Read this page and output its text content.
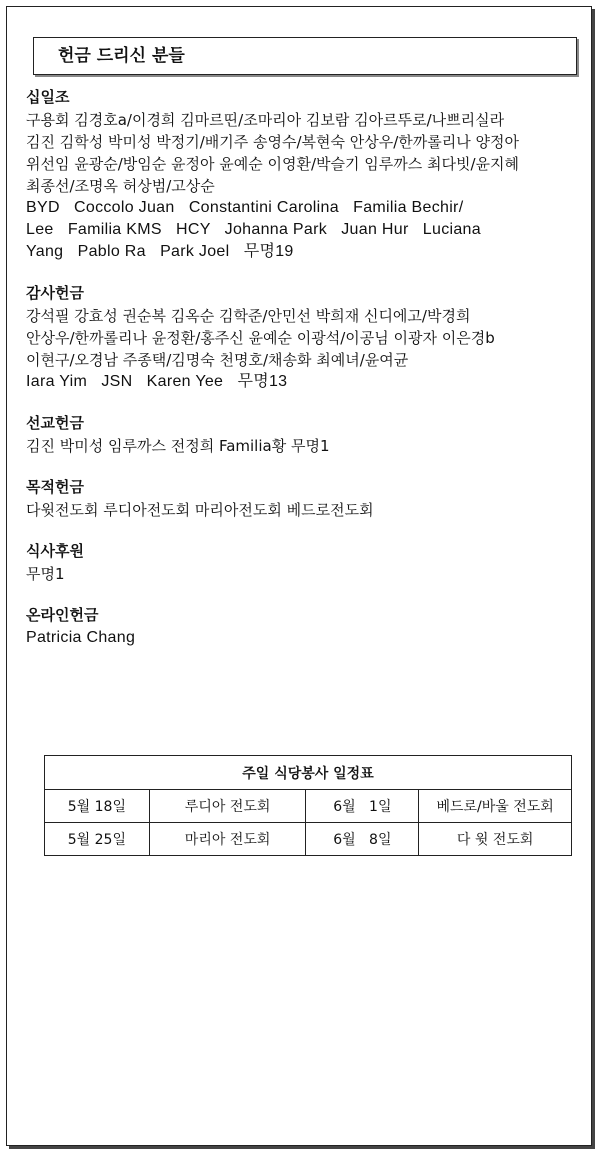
헌금 드리신 분들
십일조
구용회 김경호a/이경희 김마르띤/조마리아 김보람 김아르뚜로/나쁘리실라
김진 김학성 박미성 박정기/배기주 송영수/복현숙 안상우/한까롤리나 양정아
위선임 윤광순/방임순 윤정아 윤예순 이영환/박슬기 임루까스 최다빗/윤지혜
최종선/조명옥 허상범/고상순
BYD   Coccolo Juan   Constantini Carolina   Familia Bechir/
Lee   Familia KMS   HCY   Johanna Park   Juan Hur   Luciana
Yang   Pablo Ra   Park Joel   무명19
감사헌금
강석필 강효성 권순복 김옥순 김학준/안민선 박희재 신디에고/박경희
안상우/한까롤리나 윤정환/홍주신 윤예순 이광석/이공님 이광자 이은경b
이현구/오경남 주종택/김명숙 천명호/채송화 최예녀/윤여균
Iara Yim   JSN   Karen Yee   무명13
선교헌금
김진 박미성 임루까스 전정희 Familia황 무명1
목적헌금
다윗전도회 루디아전도회 마리아전도회 베드로전도회
식사후원
무명1
온라인헌금
Patricia Chang
주일 식당봉사 일정표			
5월 18일	루디아 전도회	6월   1일	베드로/바울 전도회
5월 25일	마리아 전도회	6월   8일	다 윗 전도회
